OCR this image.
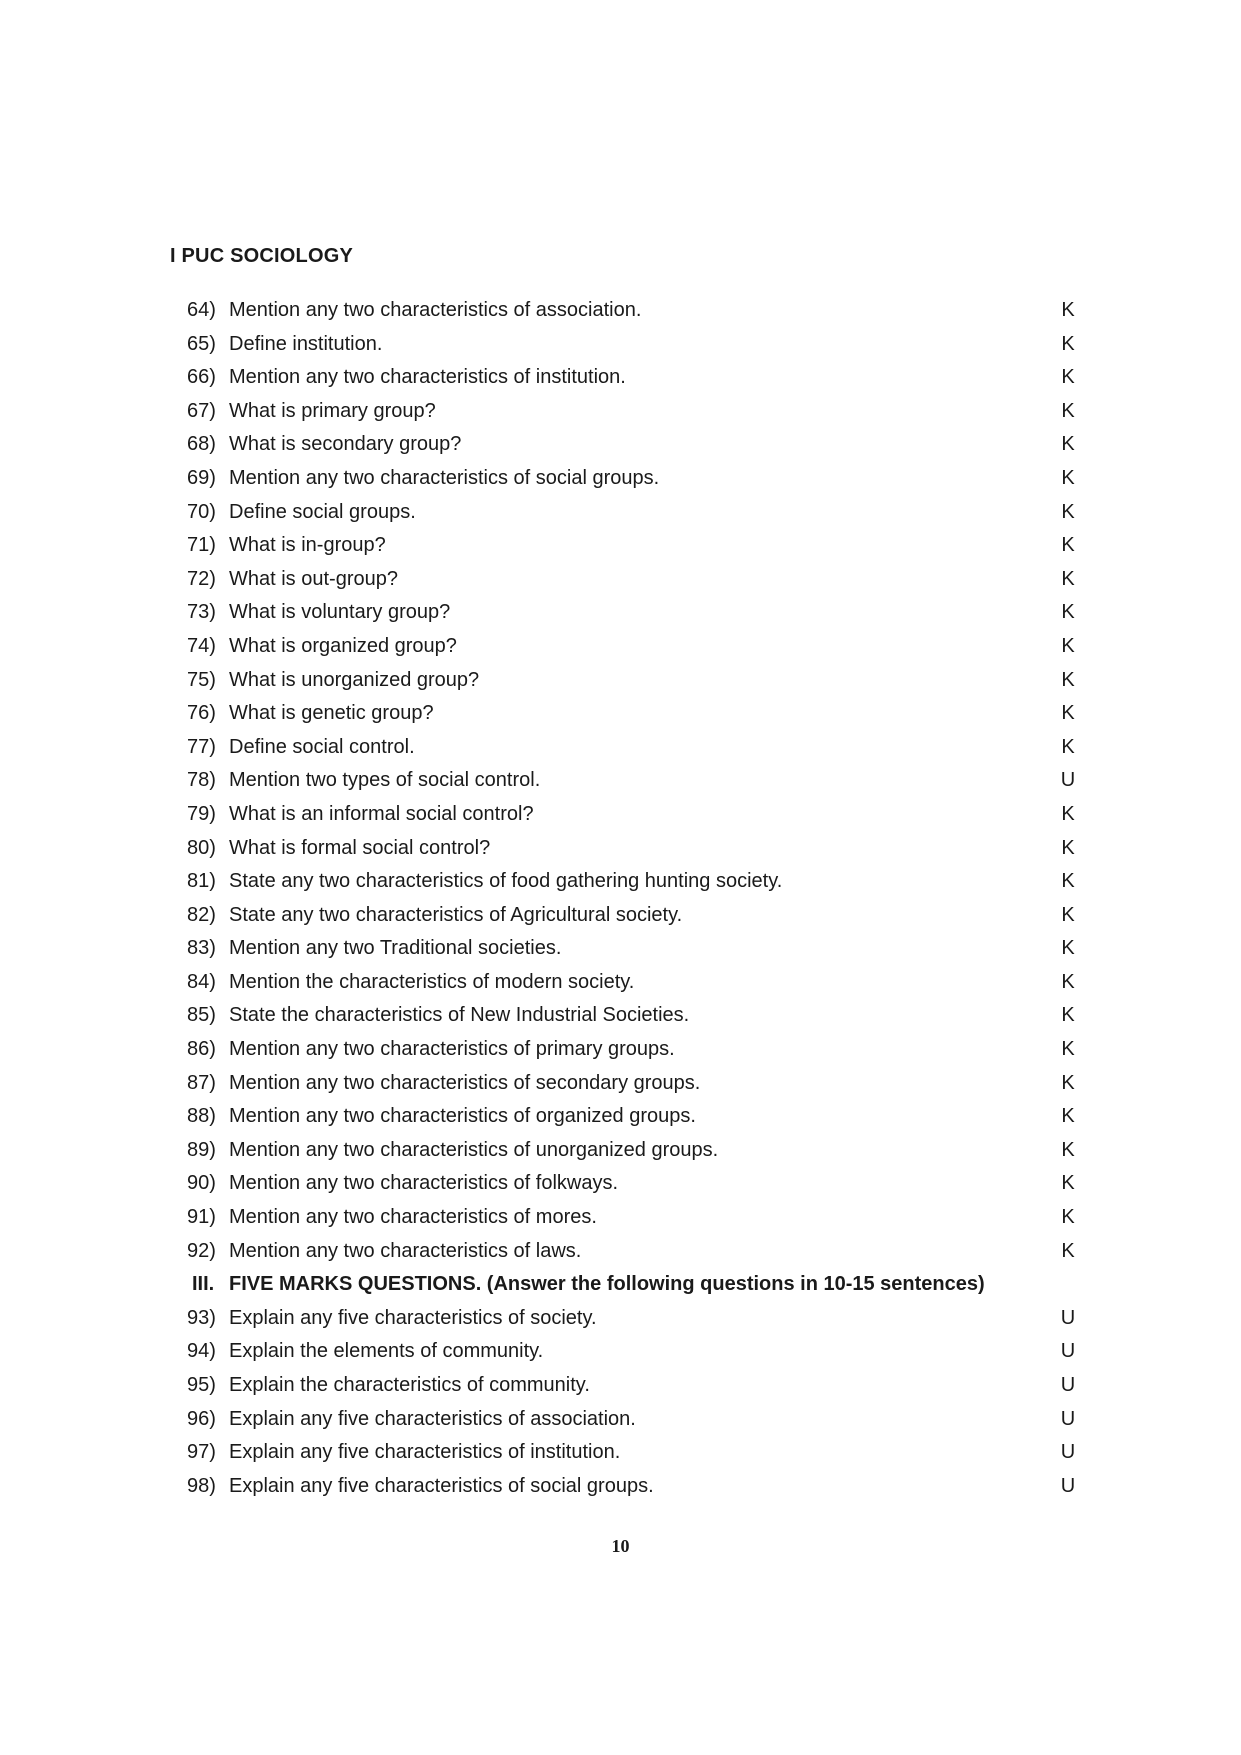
I PUC SOCIOLOGY
64) Mention any two characteristics of association.	K
65) Define institution.	K
66) Mention any two characteristics of institution.	K
67) What is primary group?	K
68) What is secondary group?	K
69) Mention any two characteristics of social groups.	K
70) Define social groups.	K
71) What is in-group?	K
72) What is out-group?	K
73) What is voluntary group?	K
74) What is organized group?	K
75) What is unorganized group?	K
76) What is genetic group?	K
77) Define social control.	K
78) Mention two types of social control.	U
79) What is an informal social control?	K
80) What is formal social control?	K
81) State any two characteristics of food gathering hunting society.	K
82) State any two characteristics of Agricultural society.	K
83) Mention any two Traditional societies.	K
84) Mention the characteristics of modern society.	K
85) State the characteristics of New Industrial Societies.	K
86) Mention any two characteristics of primary groups.	K
87) Mention any two characteristics of secondary groups.	K
88) Mention any two characteristics of organized groups.	K
89) Mention any two characteristics of unorganized groups.	K
90) Mention any two characteristics of folkways.	K
91) Mention any two characteristics of mores.	K
92) Mention any two characteristics of laws.	K
III. FIVE MARKS QUESTIONS. (Answer the following questions in 10-15 sentences)
93) Explain any five characteristics of society.	U
94) Explain the elements of community.	U
95) Explain the characteristics of community.	U
96) Explain any five characteristics of association.	U
97) Explain any five characteristics of institution.	U
98) Explain any five characteristics of social groups.	U
10
